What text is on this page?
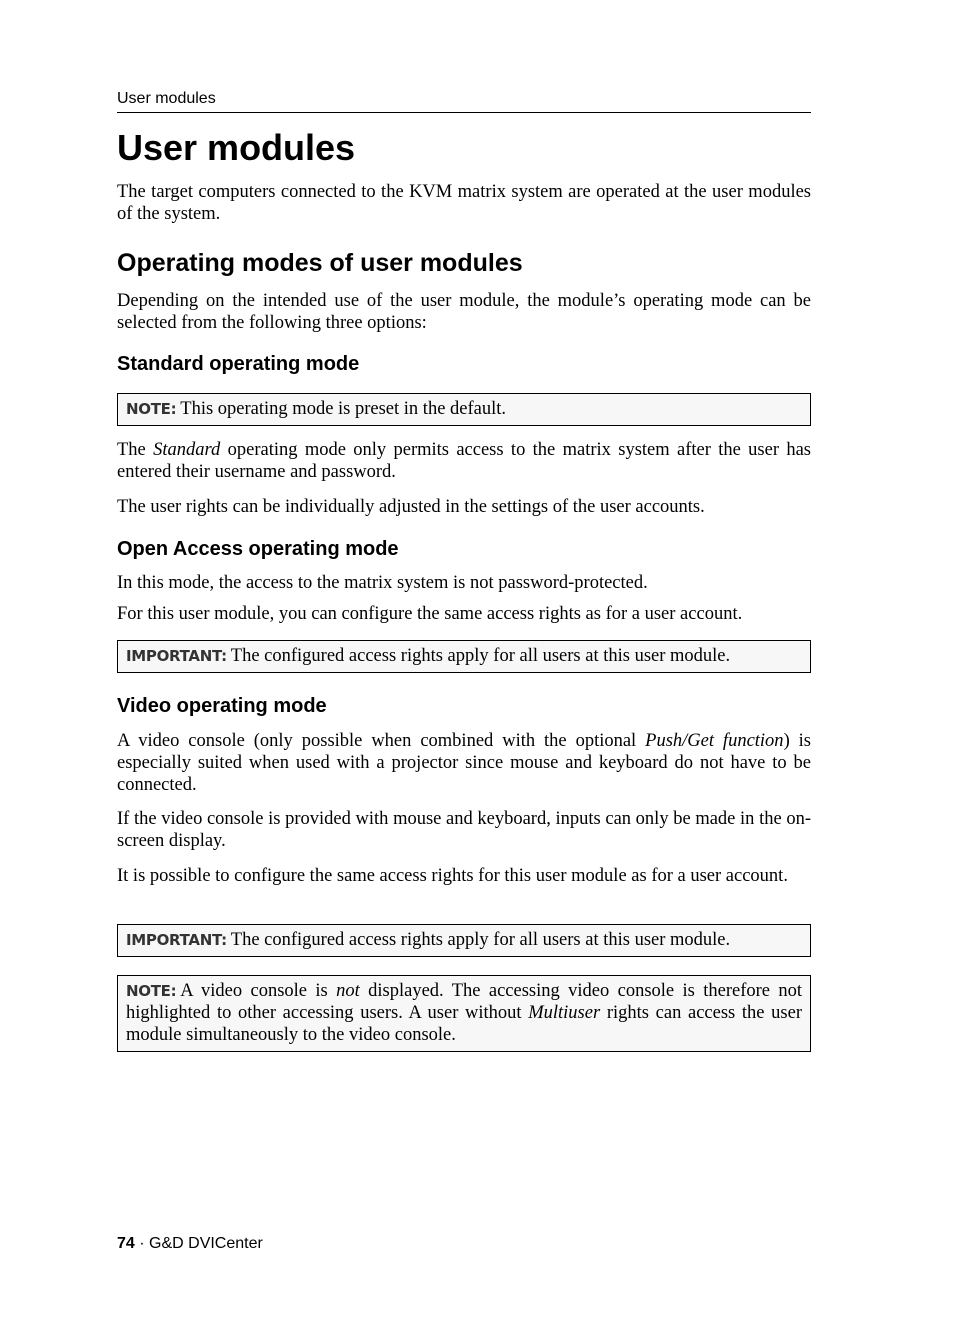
User modules
User modules

The target computers connected to the KVM matrix system are operated at the user modules of the system.

Operating modes of user modules

Depending on the intended use of the user module, the module’s operating mode can be selected from the following three options:

Standard operating mode
NOTE: This operating mode is preset in the default.

The Standard operating mode only permits access to the matrix system after the user has entered their username and password.

The user rights can be individually adjusted in the settings of the user accounts.

Open Access operating mode

In this mode, the access to the matrix system is not password-protected.

For this user module, you can configure the same access rights as for a user account.

IMPORTANT: The configured access rights apply for all users at this user module.
Video operating mode

A video console (only possible when combined with the optional Push/Get function) is especially suited when used with a projector since mouse and keyboard do not have to be connected.

If the video console is provided with mouse and keyboard, inputs can only be made in the on-screen display.

It is possible to configure the same access rights for this user module as for a user account.

IMPORTANT: The configured access rights apply for all users at this user module.
NOTE: A video console is not displayed. The accessing video console is therefore not highlighted to other accessing users. A user without Multiuser rights can access the user module simultaneously to the video console.
74 · G&D DVICenter
